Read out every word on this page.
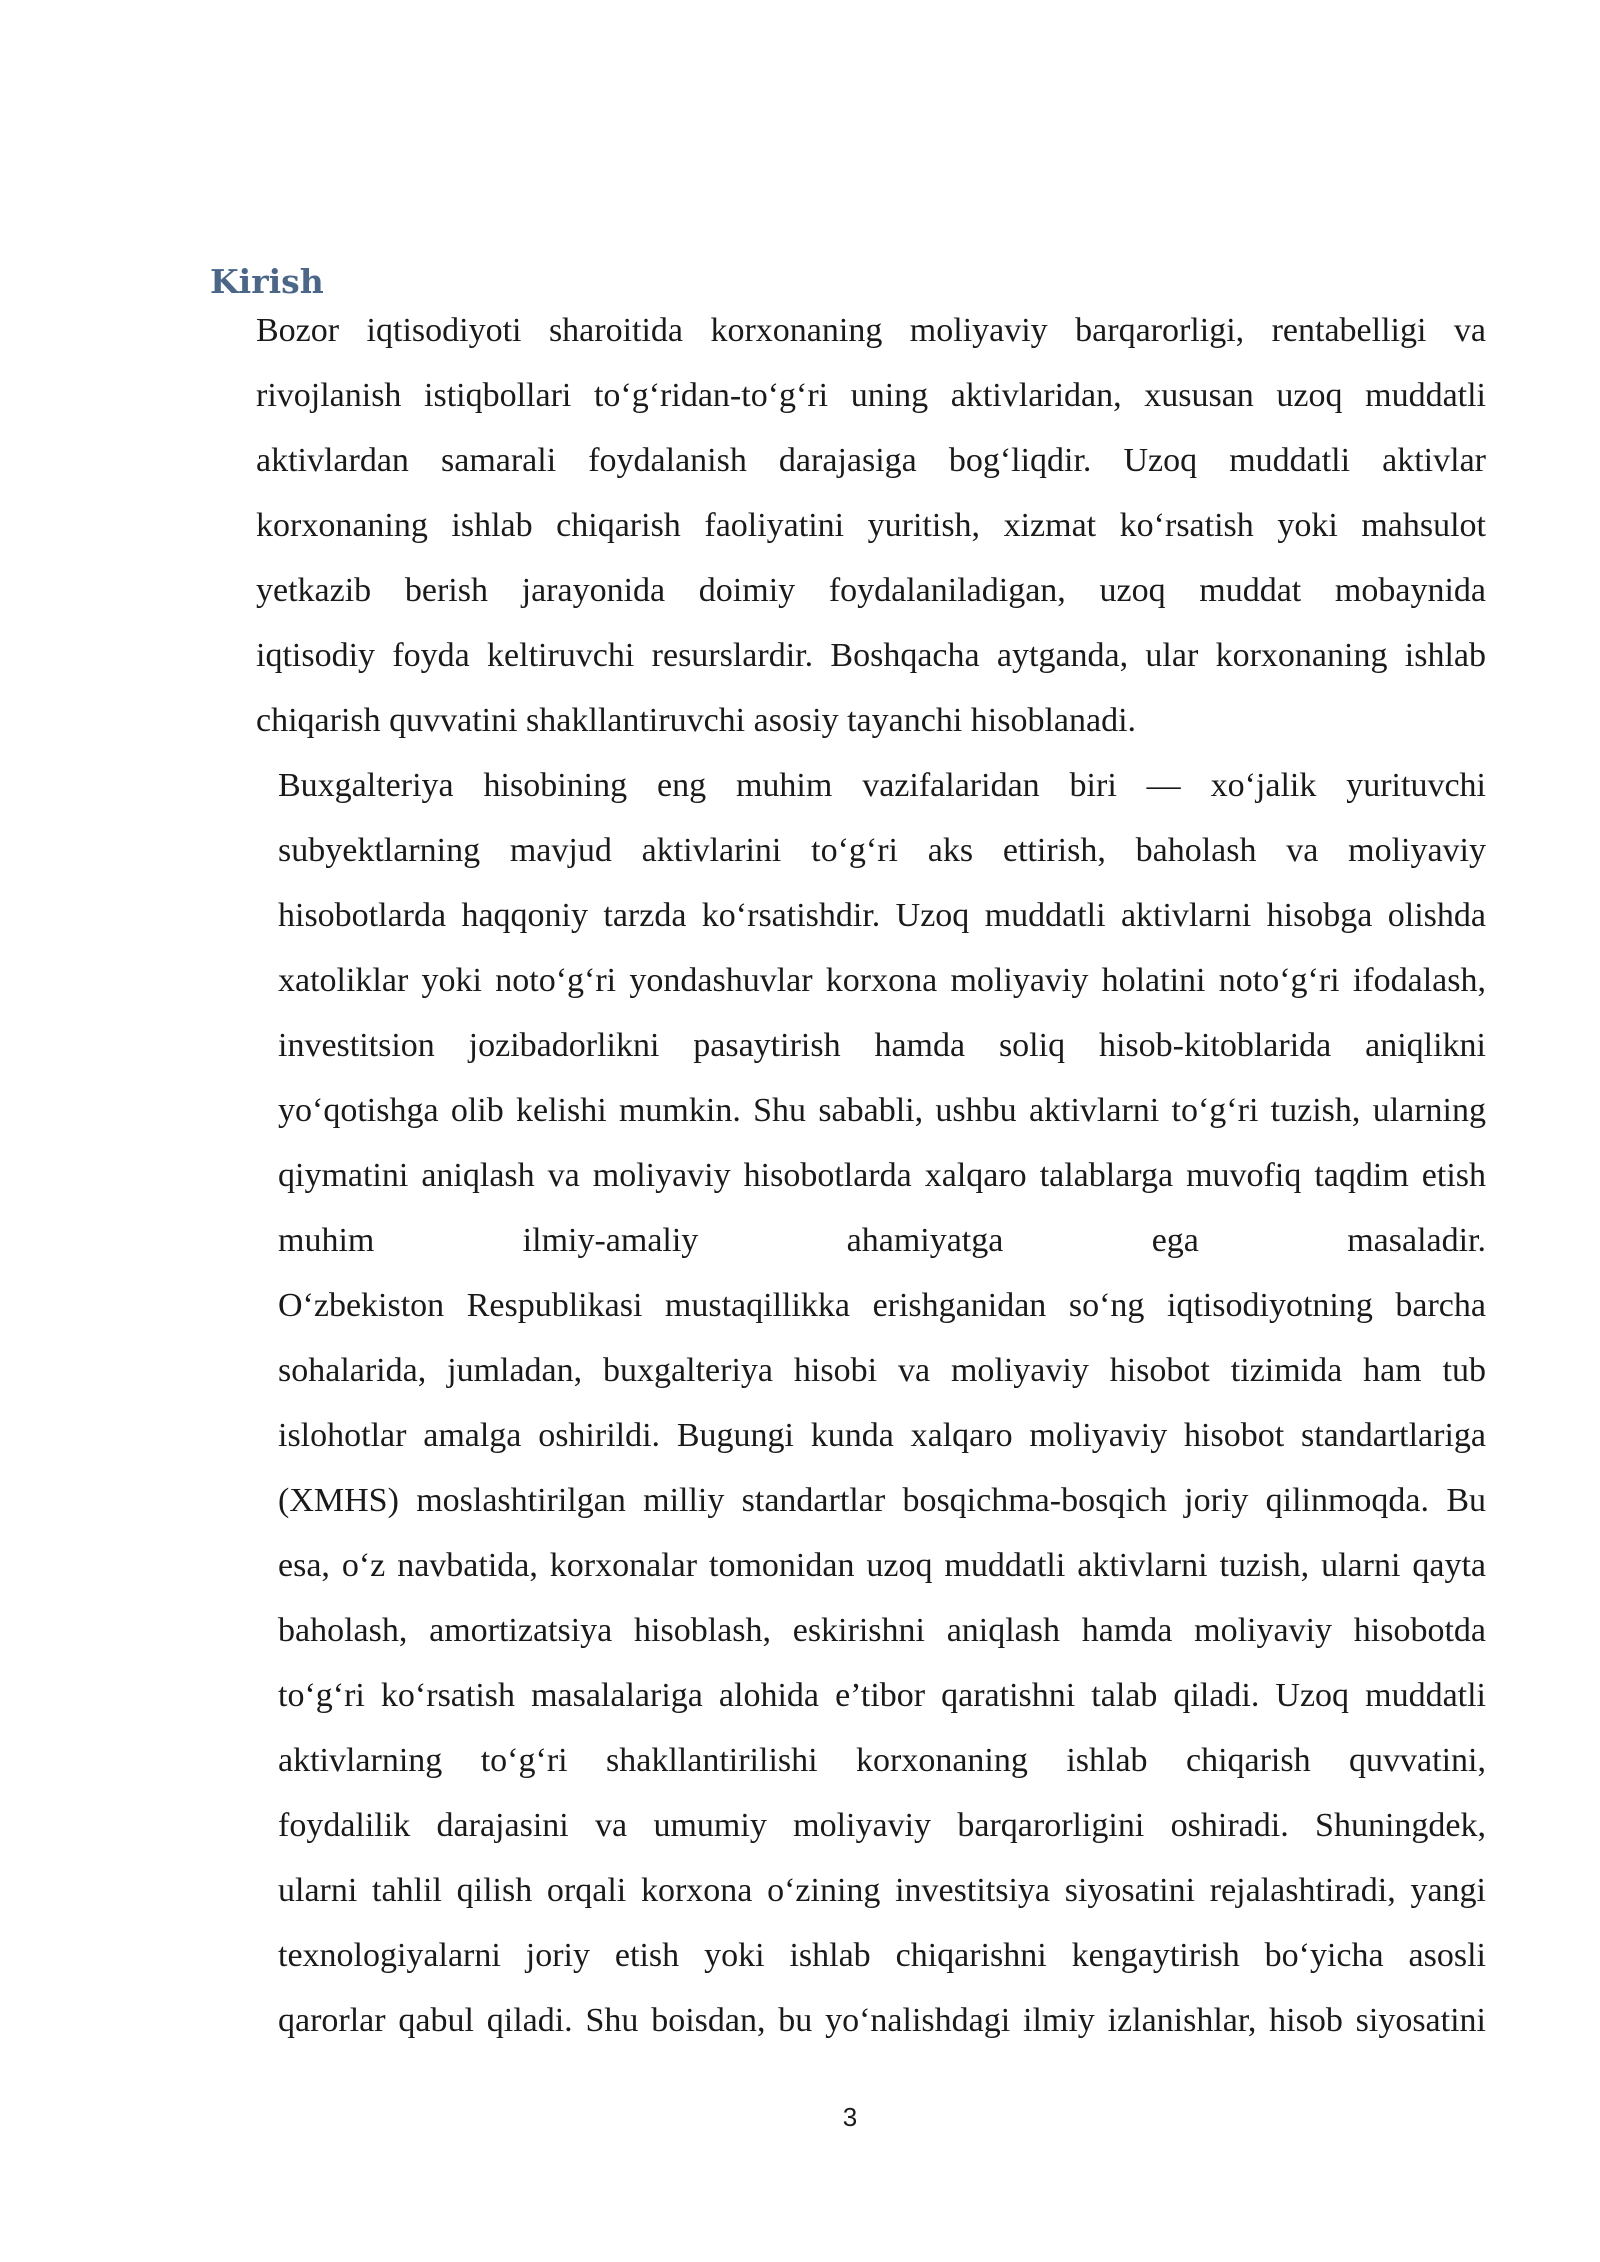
Kirish

Bozor iqtisodiyoti sharoitida korxonaning moliyaviy barqarorligi, rentabelligi va
rivojlanish istiqbollari to‘g‘ridan-to‘g‘ri uning aktivlaridan, xususan uzoq muddatli
aktivlardan samarali foydalanish darajasiga bog‘liqdir. Uzoq muddatli aktivlar
korxonaning ishlab chiqarish faoliyatini yuritish, xizmat ko‘rsatish yoki mahsulot
yetkazib berish jarayonida doimiy foydalaniladigan, uzoq muddat mobaynida
iqtisodiy foyda keltiruvchi resurslardir. Boshqacha aytganda, ular korxonaning ishlab
chiqarish quvvatini shakllantiruvchi asosiy tayanchi hisoblanadi.

Buxgalteriya hisobining eng muhim vazifalaridan biri — xo‘jalik yurituvchi
subyektlarning mavjud aktivlarini to‘g‘ri aks ettirish, baholash va moliyaviy
hisobotlarda haqqoniy tarzda ko‘rsatishdir. Uzoq muddatli aktivlarni hisobga olishda
xatoliklar yoki noto‘g‘ri yondashuvlar korxona moliyaviy holatini noto‘g‘ri ifodalash,
investitsion jozibadorlikni pasaytirish hamda soliq hisob-kitoblarida aniqlikni
yo‘qotishga olib kelishi mumkin. Shu sababli, ushbu aktivlarni to‘g‘ri tuzish, ularning
qiymatini aniqlash va moliyaviy hisobotlarda xalqaro talablarga muvofiq taqdim etish
muhim ilmiy-amaliy ahamiyatga ega masaladir.
O‘zbekiston Respublikasi mustaqillikka erishganidan so‘ng iqtisodiyotning barcha
sohalarida, jumladan, buxgalteriya hisobi va moliyaviy hisobot tizimida ham tub
islohotlar amalga oshirildi. Bugungi kunda xalqaro moliyaviy hisobot standartlariga
(XMHS) moslashtirilgan milliy standartlar bosqichma-bosqich joriy qilinmoqda. Bu
esa, o‘z navbatida, korxonalar tomonidan uzoq muddatli aktivlarni tuzish, ularni qayta
baholash, amortizatsiya hisoblash, eskirishni aniqlash hamda moliyaviy hisobotda
to‘g‘ri ko‘rsatish masalalariga alohida e’tibor qaratishni talab qiladi. Uzoq muddatli
aktivlarning to‘g‘ri shakllantirilishi korxonaning ishlab chiqarish quvvatini,
foydalilik darajasini va umumiy moliyaviy barqarorligini oshiradi. Shuningdek,
ularni tahlil qilish orqali korxona o‘zining investitsiya siyosatini rejalashtiradi, yangi
texnologiyalarni joriy etish yoki ishlab chiqarishni kengaytirish bo‘yicha asosli
qarorlar qabul qiladi. Shu boisdan, bu yo‘nalishdagi ilmiy izlanishlar, hisob siyosatini

3
